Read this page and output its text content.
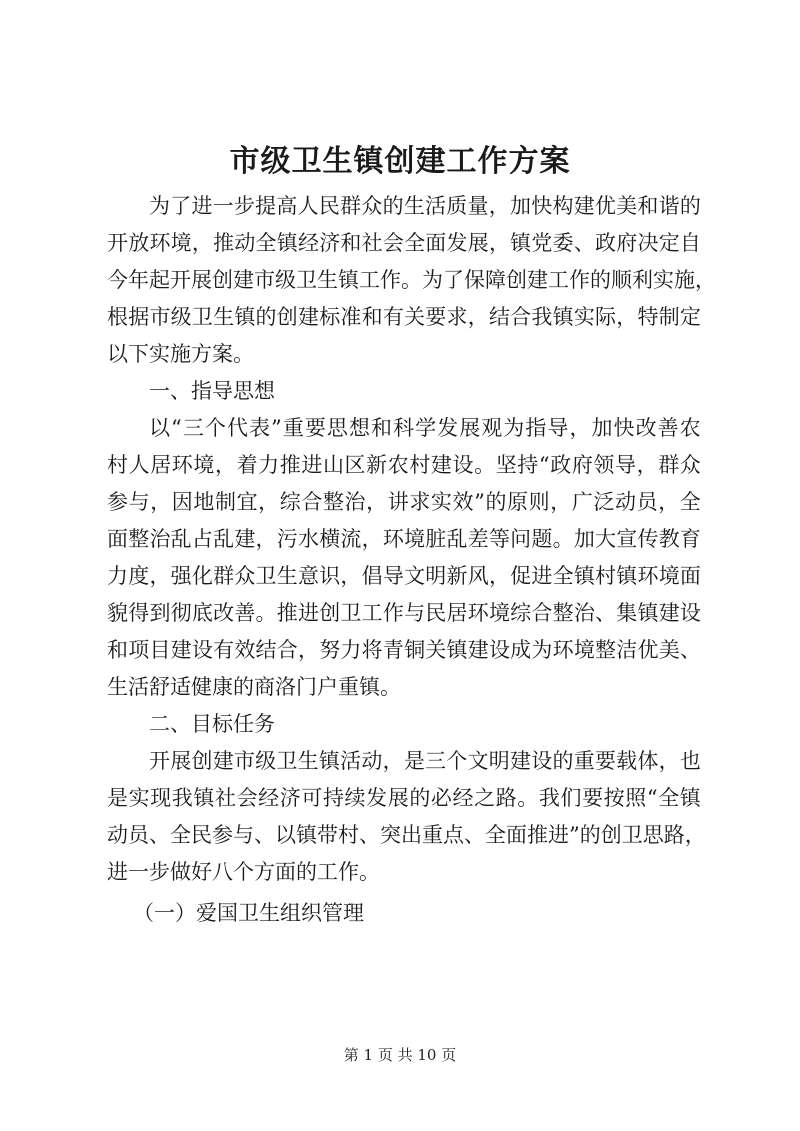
市级卫生镇创建工作方案
为 了 进 一 步 提 高 人 民 群 众 的 生 活 质 量 ， 加 快 构 建 优 美 和 谐 的
开 放 环 境 ， 推 动 全 镇 经 济 和 社 会 全 面 发 展 ， 镇 党 委 、 政 府 决 定 自
今 年 起 开 展 创 建 市 级 卫 生 镇 工 作 。 为 了 保 障 创 建 工 作 的 顺 利 实 施 ，
根 据 市 级 卫 生 镇 的 创 建 标 准 和 有 关 要 求 ， 结 合 我 镇 实 际 ， 特 制 定
以下实施方案。
一、指导思想
以 “ 三 个 代 表 ” 重 要 思 想 和 科 学 发 展 观 为 指 导 ， 加 快 改 善 农
村 人 居 环 境 ， 着 力 推 进 山 区 新 农 村 建 设 。 坚 持 “ 政 府 领 导 ， 群 众
参 与 ， 因 地 制 宜 ， 综 合 整 治 ， 讲 求 实 效 ” 的 原 则 ， 广 泛 动 员 ， 全
面 整 治 乱 占 乱 建 ， 污 水 横 流 ， 环 境 脏 乱 差 等 问 题 。 加 大 宣 传 教 育
力 度 ， 强 化 群 众 卫 生 意 识 ， 倡 导 文 明 新 风 ， 促 进 全 镇 村 镇 环 境 面
貌 得 到 彻 底 改 善 。 推 进 创 卫 工 作 与 民 居 环 境 综 合 整 治 、 集 镇 建 设
和 项 目 建 设 有 效 结 合 ， 努 力 将 青 铜 关 镇 建 设 成 为 环 境 整 洁 优 美 、
生活舒适健康的商洛门户重镇。
二、目标任务
开 展 创 建 市 级 卫 生 镇 活 动 ， 是 三 个 文 明 建 设 的 重 要 载 体 ， 也
是 实 现 我 镇 社 会 经 济 可 持 续 发 展 的 必 经 之 路 。 我 们 要 按 照 “ 全 镇
动 员 、 全 民 参 与 、 以 镇 带 村 、 突 出 重 点 、 全 面 推 进 ” 的 创 卫 思 路 ，
进一步做好八个方面的工作。
（一）爱国卫生组织管理
第 1 页 共 10 页
